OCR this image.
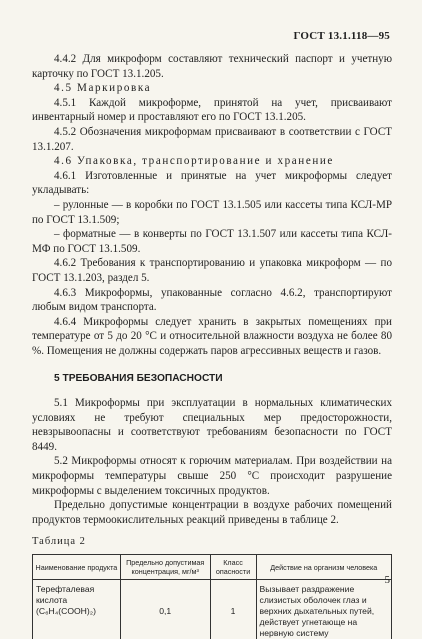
ГОСТ 13.1.118—95

4.4.2 Для микроформ составляют технический паспорт и учетную карточку по ГОСТ 13.1.205.

4.5 Маркировка

4.5.1 Каждой микроформе, принятой на учет, присваивают инвентарный номер и проставляют его по ГОСТ 13.1.205.

4.5.2 Обозначения микроформам присваивают в соответствии с ГОСТ 13.1.207.

4.6 Упаковка, транспортирование и хранение

4.6.1 Изготовленные и принятые на учет микроформы следует укладывать:

– рулонные — в коробки по ГОСТ 13.1.505 или кассеты типа КСЛ-МР по ГОСТ 13.1.509;

– форматные — в конверты по ГОСТ 13.1.507 или кассеты типа КСЛ-МФ по ГОСТ 13.1.509.

4.6.2 Требования к транспортированию и упаковка микроформ — по ГОСТ 13.1.203, раздел 5.

4.6.3 Микроформы, упакованные согласно 4.6.2, транспортируют любым видом транспорта.

4.6.4 Микроформы следует хранить в закрытых помещениях при температуре от 5 до 20 °С и относительной влажности воздуха не более 80 %. Помещения не должны содержать паров агрессивных веществ и газов.

5 ТРЕБОВАНИЯ БЕЗОПАСНОСТИ

5.1 Микроформы при эксплуатации в нормальных климатических условиях не требуют специальных мер предосторожности, невзрывоопасны и соответствуют требованиям безопасности по ГОСТ 8449.

5.2 Микроформы относят к горючим материалам. При воздействии на микроформы температуры свыше 250 °С происходит разрушение микроформы с выделением токсичных продуктов.

Предельно допустимые концентрации в воздухе рабочих помещений продуктов термоокислительных реакций приведены в таблице 2.

Таблица 2
Наименование продукта	Предельно допустимая концентрация, мг/м³	Класс опасности	Действие на организм человека
Терефталевая кислота (C₆H₄(COOH)₂)	0,1	1	Вызывает раздражение слизистых оболочек глаз и верхних дыхательных путей, действует угнетающе на нервную систему
5
